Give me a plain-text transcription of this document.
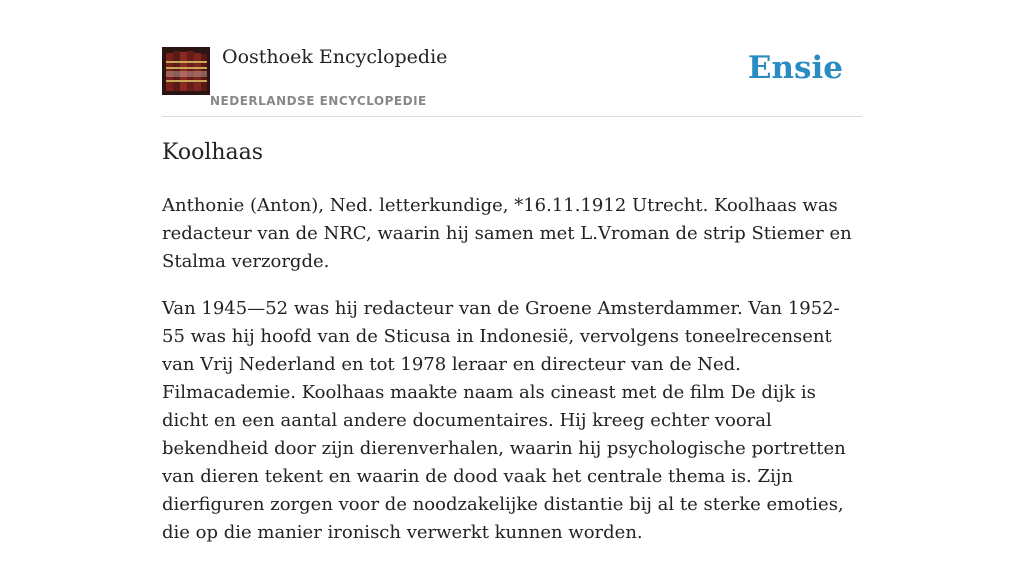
Oosthoek Encyclopedie
NEDERLANDSE ENCYCLOPEDIE
Ensie
Koolhaas

Anthonie (Anton), Ned. letterkundige, *16.11.1912 Utrecht. Koolhaas was redacteur van de NRC, waarin hij samen met L.Vroman de strip Stiemer en Stalma verzorgde.

Van 1945—52 was hij redacteur van de Groene Amsterdammer. Van 1952-55 was hij hoofd van de Sticusa in Indonesië, vervolgens toneelrecensent van Vrij Nederland en tot 1978 leraar en directeur van de Ned. Filmacademie. Koolhaas maakte naam als cineast met de film De dijk is dicht en een aantal andere documentaires. Hij kreeg echter vooral bekendheid door zijn dierenverhalen, waarin hij psychologische portretten van dieren tekent en waarin de dood vaak het centrale thema is. Zijn dierfiguren zorgen voor de noodzakelijke distantie bij al te sterke emoties, die op die manier ironisch verwerkt kunnen worden.
